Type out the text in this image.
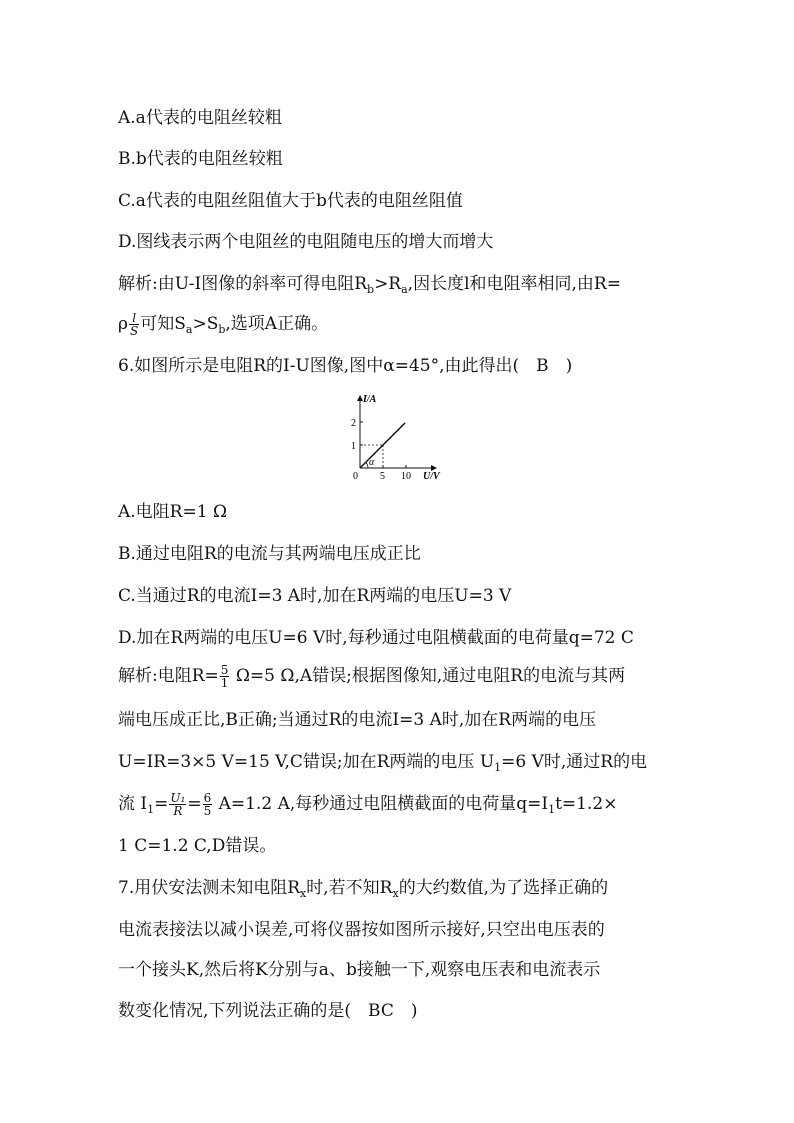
A.a代表的电阻丝较粗
B.b代表的电阻丝较粗
C.a代表的电阻丝阻值大于b代表的电阻丝阻值
D.图线表示两个电阻丝的电阻随电压的增大而增大
解析:由U-I图像的斜率可得电阻$R_b>R_a$,因长度l和电阻率相同,由R=
ρ $\frac{l}{S}$ 可知$S_a>S_b$,选项A正确。
6.如图所示是电阻R的I-U图像,图中α=45°,由此得出(　B　)
α
I/A
U/V
2
1
0 5 10
A.电阻R=1 Ω
B.通过电阻R的电流与其两端电压成正比
C.当通过R的电流I=3 A时,加在R两端的电压U=3 V
D.加在R两端的电压U=6 V时,每秒通过电阻横截面的电荷量q=72 C
解析:电阻$R= \frac{5}{1} \Omega=5$ Ω,A错误;根据图像知,通过电阻R的电流与其两
端电压成正比,B正确;当通过R的电流I=3 A时,加在R两端的电压
U=IR=3×5 V=15 V,C错误;加在R两端的电压 $U_1=6$ V时,通过R的电
流 $I_1= \frac{\text{U₁}}{R} = \frac{6}{5} A=1.2$ A,每秒通过电阻横截面的电荷量$q=I_1t=1.2\times$
1 C=1.2 C,D错误。
7.用伏安法测未知电阻$R_x$时,若不知$R_x$的大约数值,为了选择正确的
电流表接法以减小误差,可将仪器按如图所示接好,只空出电压表的
一个接头K,然后将K分别与a、b接触一下,观察电压表和电流表示
数变化情况,下列说法正确的是(　BC　)
